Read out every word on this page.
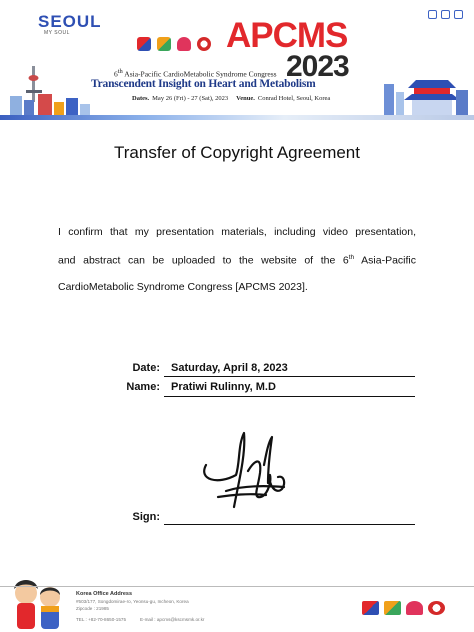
SEOUL
MY SOUL	APCMS
2023
6th Asia-Pacific CardioMetabolic Syndrome Congress
Transcendent Insight on Heart and Metabolism
Dates. May 26 (Fri) - 27 (Sat), 2023 Venue. Conrad Hotel, Seoul, Korea
Transfer of Copyright Agreement
I confirm that my presentation materials, including video presentation,
and abstract can be uploaded to the website of the 6th Asia-Pacific
CardioMetabolic Syndrome Congress [APCMS 2023].
Date: Saturday, April 8, 2023
Name: Pratiwi Rulinny, M.D
Sign:
Korea Office Address
#503/177, Songdomirae-ro, Yeonsu-gu, Incheon, Korea
Zipcode : 21985
TEL : +82-70-8650-1575	E-mail : apcms@kscmsmk.or.kr
